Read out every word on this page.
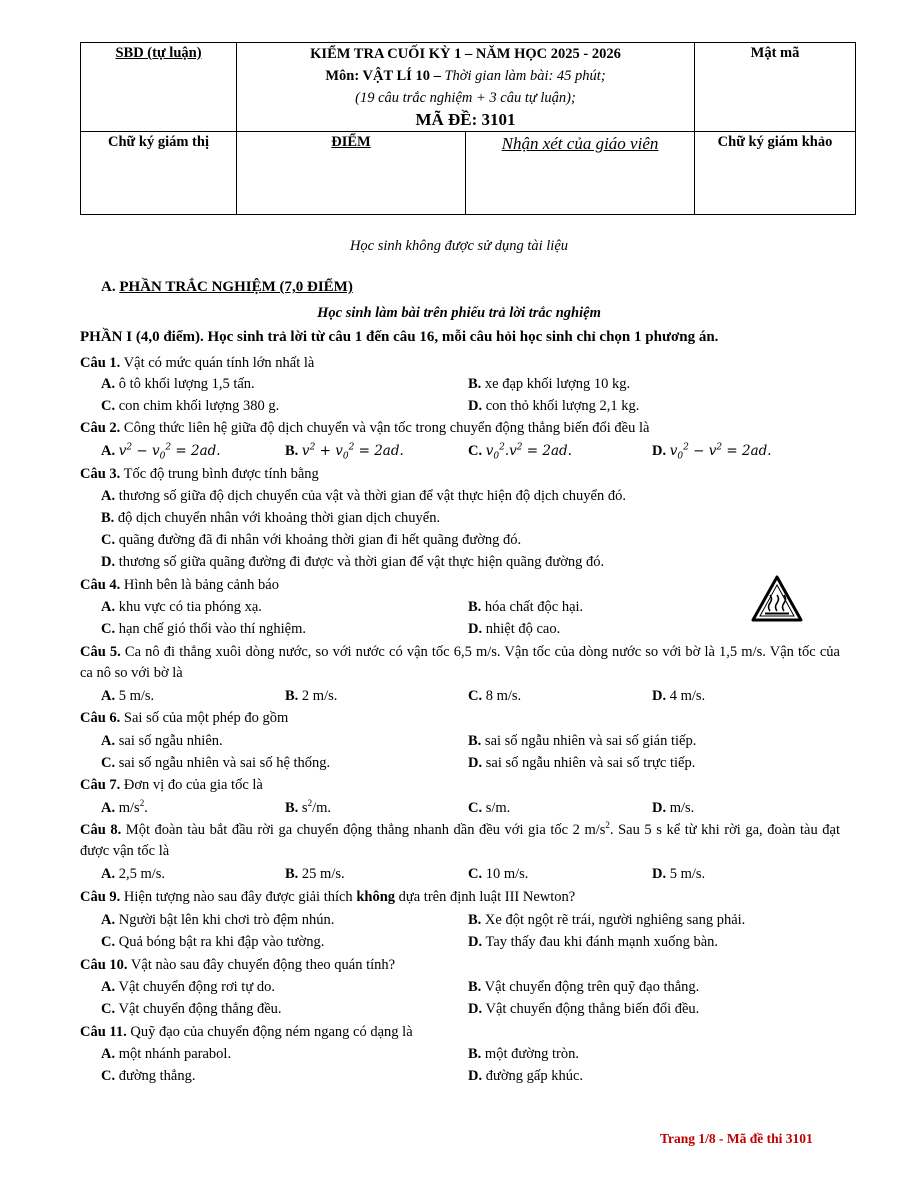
SBD (tự luận)	KIỂM TRA CUỐI KỲ 1 – NĂM HỌC 2025 - 2026
Môn: VẬT LÍ 10 – Thời gian làm bài: 45 phút;
(19 câu trắc nghiệm + 3 câu tự luận);
MÃ ĐỀ: 3101		Mật mã
Chữ ký giám thị	ĐIỂM	Nhận xét của giáo viên	Chữ ký giám khảo
Học sinh không được sử dụng tài liệu
A. PHẦN TRẮC NGHIỆM (7,0 ĐIỂM)
Học sinh làm bài trên phiếu trả lời trắc nghiệm
PHẦN I (4,0 điểm). Học sinh trả lời từ câu 1 đến câu 16, mỗi câu hỏi học sinh chỉ chọn 1 phương án.
Câu 1. Vật có mức quán tính lớn nhất là
A. ô tô khối lượng 1,5 tấn.	B. xe đạp khối lượng 10 kg.
C. con chim khối lượng 380 g.	D. con thỏ khối lượng 2,1 kg.
Câu 2. Công thức liên hệ giữa độ dịch chuyển và vận tốc trong chuyển động thẳng biến đổi đều là
A. $v^2 - v_0^2 = 2ad$.	B. $v^2 + v_0^2 = 2ad$.	C. $v_0^2.v^2 = 2ad$.	D. $v_0^2 - v^2 = 2ad$.
Câu 3. Tốc độ trung bình được tính bằng
A. thương số giữa độ dịch chuyển của vật và thời gian để vật thực hiện độ dịch chuyển đó.
B. độ dịch chuyển nhân với khoảng thời gian dịch chuyển.
C. quãng đường đã đi nhân với khoảng thời gian đi hết quãng đường đó.
D. thương số giữa quãng đường đi được và thời gian để vật thực hiện quãng đường đó.
Câu 4. Hình bên là bảng cảnh báo
A. khu vực có tia phóng xạ.	B. hóa chất độc hại.
C. hạn chế gió thổi vào thí nghiệm.	D. nhiệt độ cao.
Câu 5. Ca nô đi thẳng xuôi dòng nước, so với nước có vận tốc 6,5 m/s. Vận tốc của dòng nước so với bờ là 1,5 m/s. Vận tốc của ca nô so với bờ là
A. 5 m/s.	B. 2 m/s.	C. 8 m/s.	D. 4 m/s.
Câu 6. Sai số của một phép đo gồm
A. sai số ngẫu nhiên.	B. sai số ngẫu nhiên và sai số gián tiếp.
C. sai số ngẫu nhiên và sai số hệ thống.	D. sai số ngẫu nhiên và sai số trực tiếp.
Câu 7. Đơn vị đo của gia tốc là
A. $m/s^2$.	B. $s^2/m$.	C. s/m.	D. m/s.
Câu 8. Một đoàn tàu bắt đầu rời ga chuyển động thẳng nhanh dần đều với gia tốc 2 $m/s^2$. Sau 5 s kể từ khi rời ga, đoàn tàu đạt được vận tốc là
A. 2,5 m/s.	B. 25 m/s.	C. 10 m/s.	D. 5 m/s.
Câu 9. Hiện tượng nào sau đây được giải thích không dựa trên định luật III Newton?
A. Người bật lên khi chơi trò đệm nhún.	B. Xe đột ngột rẽ trái, người nghiêng sang phải.
C. Quả bóng bật ra khi đập vào tường.	D. Tay thấy đau khi đánh mạnh xuống bàn.
Câu 10. Vật nào sau đây chuyển động theo quán tính?
A. Vật chuyển động rơi tự do.	B. Vật chuyển động trên quỹ đạo thẳng.
C. Vật chuyển động thẳng đều.	D. Vật chuyển động thẳng biến đổi đều.
Câu 11. Quỹ đạo của chuyển động ném ngang có dạng là
A. một nhánh parabol.	B. một đường tròn.
C. đường thẳng.	D. đường gấp khúc.
Trang 1/8 - Mã đề thi 3101
